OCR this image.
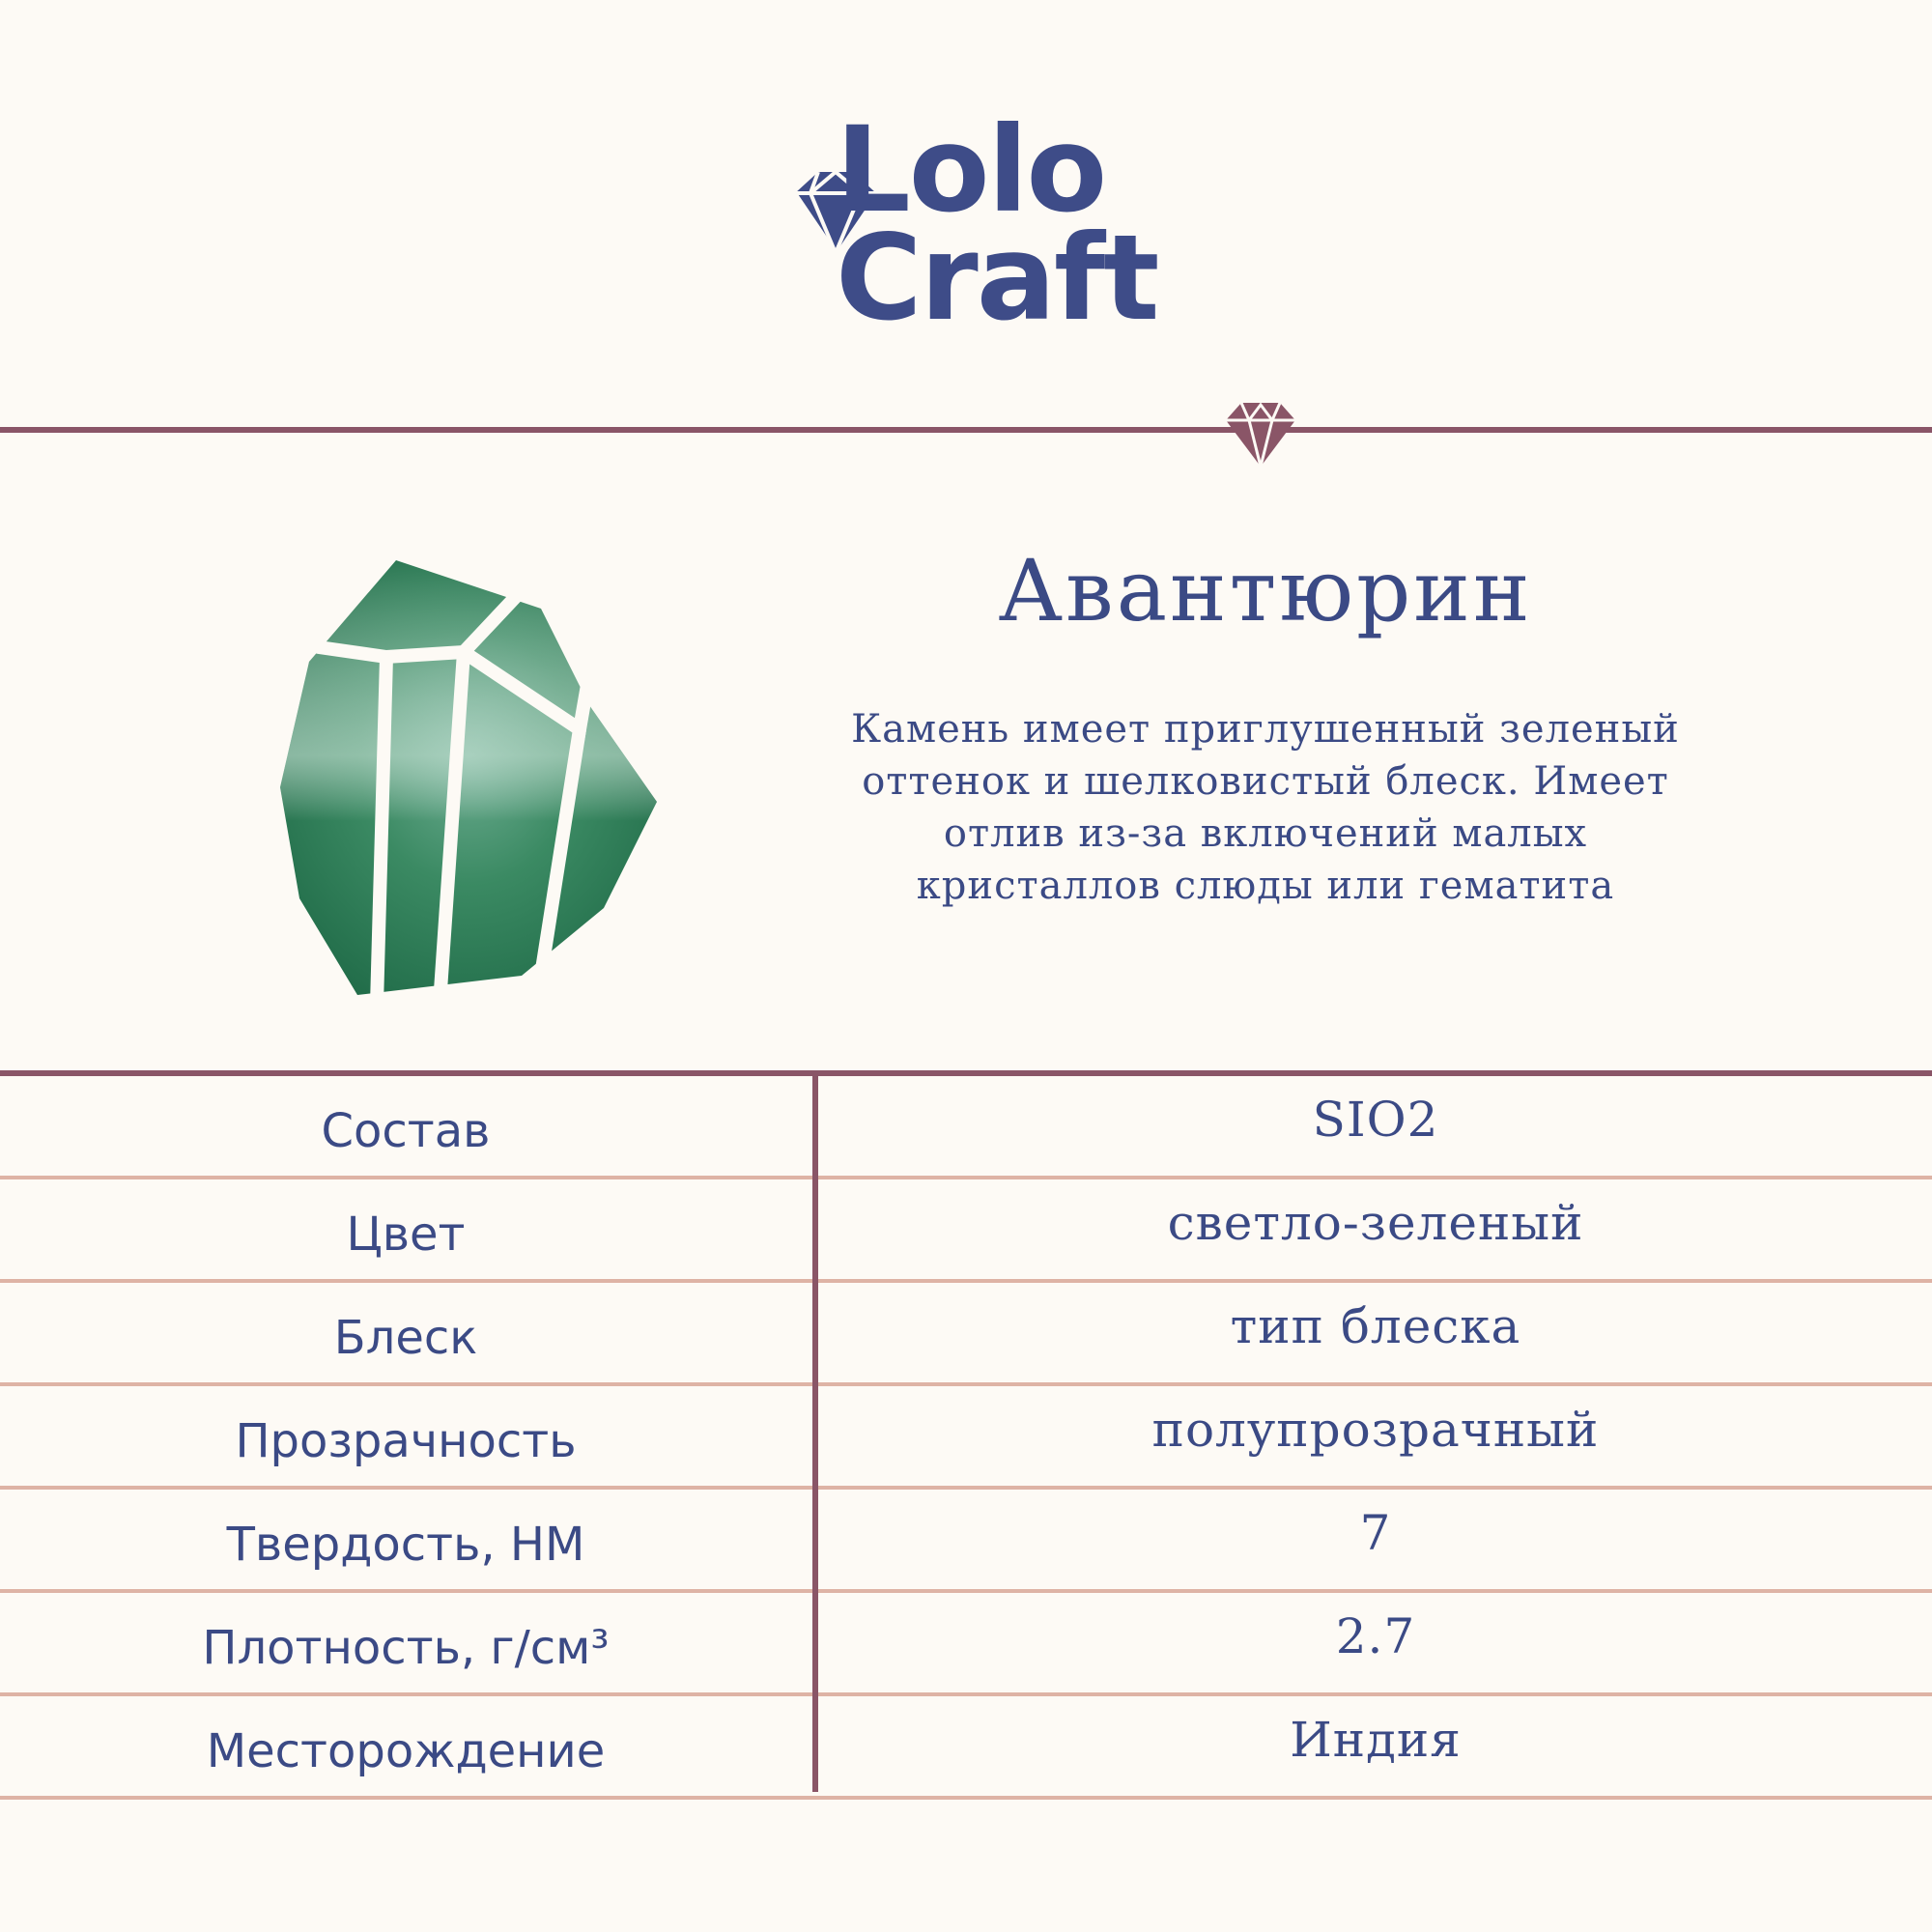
Lolo
Craft
Авантюрин
Камень имеет приглушенный зеленый оттенок и шелковистый блеск. Имеет отлив из-за включений малых кристаллов слюды или гематита
Состав	SIO2
Цвет	светло-зеленый
Блеск	тип блеска
Прозрачность	полупрозрачный
Твердость, НМ	7
Плотность, г/см³	2.7
Месторождение	Индия
